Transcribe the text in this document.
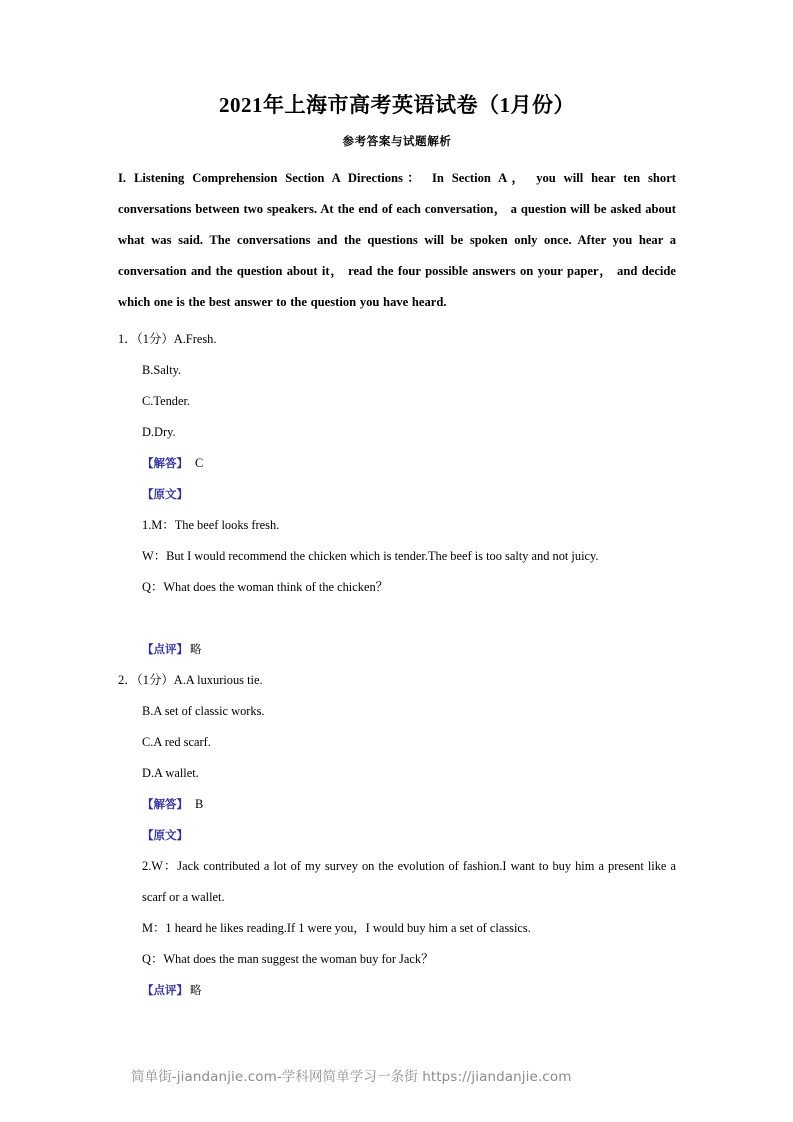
2021年上海市高考英语试卷（1月份）
参考答案与试题解析

I. Listening Comprehension Section A Directions： In Section A， you will hear ten short conversations between two speakers. At the end of each conversation， a question will be asked about what was said. The conversations and the questions will be spoken only once. After you hear a conversation and the question about it， read the four possible answers on your paper， and decide which one is the best answer to the question you have heard.

1．（1分）A.Fresh.
B.Salty.
C.Tender.
D.Dry.
【解答】 C
【原文】
1.M：The beef looks fresh.
W：But I would recommend the chicken which is tender.The beef is too salty and not juicy.
Q：What does the woman think of the chicken？
【点评】 略
2．（1分）A.A luxurious tie.
B.A set of classic works.
C.A red scarf.
D.A wallet.
【解答】 B
【原文】
2.W：Jack contributed a lot of my survey on the evolution of fashion.I want to buy him a present like a scarf or a wallet.
M：1 heard he likes reading.If 1 were you，I would buy him a set of classics.
Q：What does the man suggest the woman buy for Jack？
【点评】 略
简单街-jiandanjie.com-学科网简单学习一条街 https://jiandanjie.com
